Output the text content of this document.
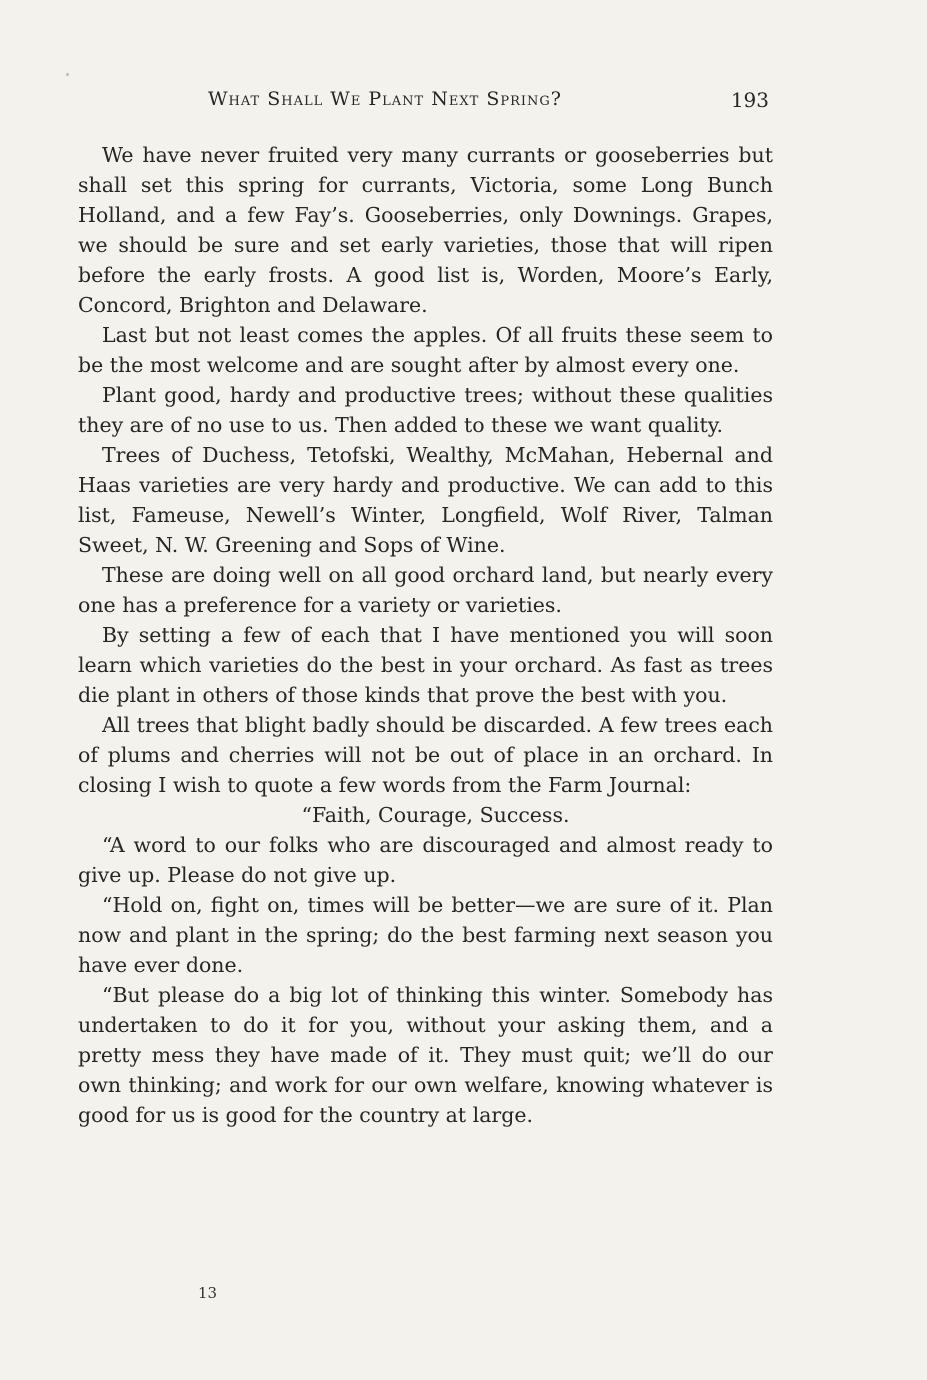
What Shall We Plant Next Spring?	193

We have never fruited very many currants or gooseberries but shall set this spring for currants, Victoria, some Long Bunch Holland, and a few Fay’s. Gooseberries, only Downings. Grapes, we should be sure and set early varieties, those that will ripen before the early frosts. A good list is, Worden, Moore’s Early, Concord, Brighton and Delaware.

Last but not least comes the apples. Of all fruits these seem to be the most welcome and are sought after by almost every one.

Plant good, hardy and productive trees; without these qualities they are of no use to us. Then added to these we want quality.

Trees of Duchess, Tetofski, Wealthy, McMahan, Hebernal and Haas varieties are very hardy and productive. We can add to this list, Fameuse, Newell’s Winter, Longfield, Wolf River, Talman Sweet, N. W. Greening and Sops of Wine.

These are doing well on all good orchard land, but nearly every one has a preference for a variety or varieties.

By setting a few of each that I have mentioned you will soon learn which varieties do the best in your orchard. As fast as trees die plant in others of those kinds that prove the best with you.

All trees that blight badly should be discarded. A few trees each of plums and cherries will not be out of place in an orchard. In closing I wish to quote a few words from the Farm Journal:

“Faith, Courage, Success.

“A word to our folks who are discouraged and almost ready to give up. Please do not give up.

“Hold on, fight on, times will be better—we are sure of it. Plan now and plant in the spring; do the best farming next season you have ever done.

“But please do a big lot of thinking this winter. Somebody has undertaken to do it for you, without your asking them, and a pretty mess they have made of it. They must quit; we’ll do our own thinking; and work for our own welfare, knowing whatever is good for us is good for the country at large.

13
